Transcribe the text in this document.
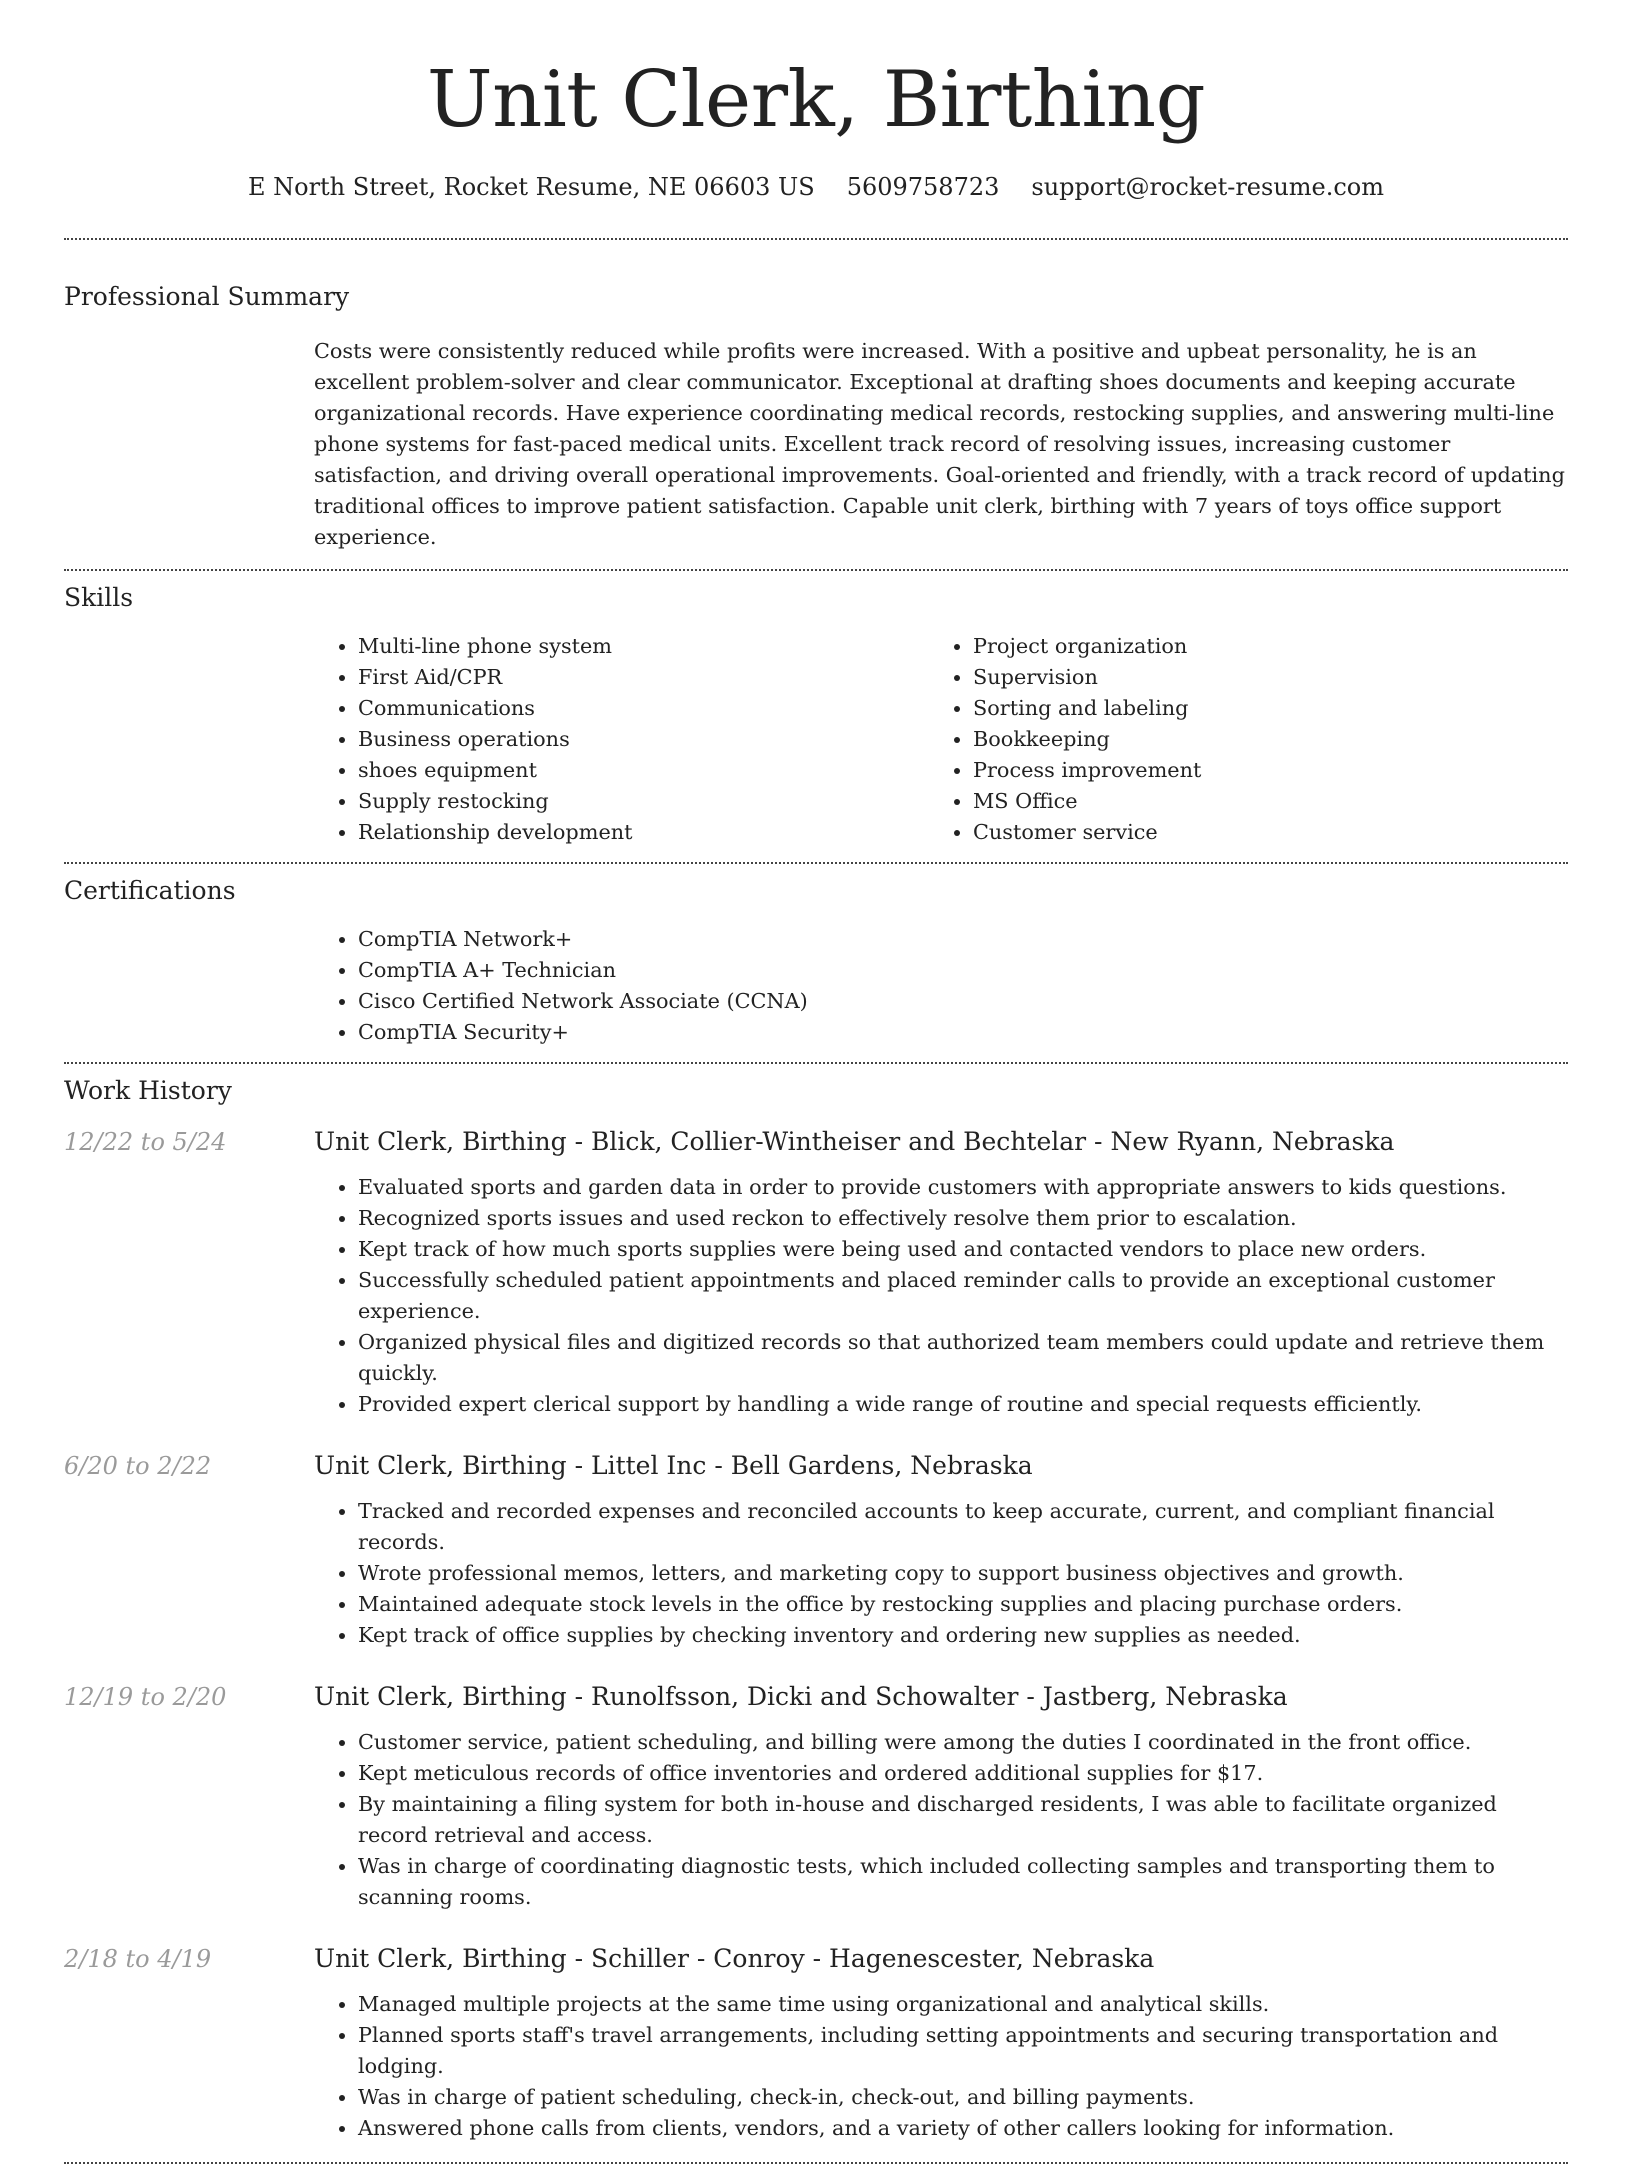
Unit Clerk, Birthing
E North Street, Rocket Resume, NE 06603 US 5609758723 support@rocket-resume.com
Professional Summary
Costs were consistently reduced while profits were increased. With a positive and upbeat personality, he is an excellent problem-solver and clear communicator. Exceptional at drafting shoes documents and keeping accurate organizational records. Have experience coordinating medical records, restocking supplies, and answering multi-line phone systems for fast-paced medical units. Excellent track record of resolving issues, increasing customer satisfaction, and driving overall operational improvements. Goal-oriented and friendly, with a track record of updating traditional offices to improve patient satisfaction. Capable unit clerk, birthing with 7 years of toys office support experience.
Skills
• Multi-line phone system
• First Aid/CPR
• Communications
• Business operations
• shoes equipment
• Supply restocking
• Relationship development
• Project organization
• Supervision
• Sorting and labeling
• Bookkeeping
• Process improvement
• MS Office
• Customer service
Certifications
• CompTIA Network+
• CompTIA A+ Technician
• Cisco Certified Network Associate (CCNA)
• CompTIA Security+
Work History
12/22 to 5/24	Unit Clerk, Birthing - Blick, Collier-Wintheiser and Bechtelar - New Ryann, Nebraska
• Evaluated sports and garden data in order to provide customers with appropriate answers to kids questions.
• Recognized sports issues and used reckon to effectively resolve them prior to escalation.
• Kept track of how much sports supplies were being used and contacted vendors to place new orders.
• Successfully scheduled patient appointments and placed reminder calls to provide an exceptional customer experience.
• Organized physical files and digitized records so that authorized team members could update and retrieve them quickly.
• Provided expert clerical support by handling a wide range of routine and special requests efficiently.
6/20 to 2/22	Unit Clerk, Birthing - Littel Inc - Bell Gardens, Nebraska
• Tracked and recorded expenses and reconciled accounts to keep accurate, current, and compliant financial records.
• Wrote professional memos, letters, and marketing copy to support business objectives and growth.
• Maintained adequate stock levels in the office by restocking supplies and placing purchase orders.
• Kept track of office supplies by checking inventory and ordering new supplies as needed.
12/19 to 2/20	Unit Clerk, Birthing - Runolfsson, Dicki and Schowalter - Jastberg, Nebraska
• Customer service, patient scheduling, and billing were among the duties I coordinated in the front office.
• Kept meticulous records of office inventories and ordered additional supplies for $17.
• By maintaining a filing system for both in-house and discharged residents, I was able to facilitate organized record retrieval and access.
• Was in charge of coordinating diagnostic tests, which included collecting samples and transporting them to scanning rooms.
2/18 to 4/19	Unit Clerk, Birthing - Schiller - Conroy - Hagenescester, Nebraska
• Managed multiple projects at the same time using organizational and analytical skills.
• Planned sports staff's travel arrangements, including setting appointments and securing transportation and lodging.
• Was in charge of patient scheduling, check-in, check-out, and billing payments.
• Answered phone calls from clients, vendors, and a variety of other callers looking for information.
